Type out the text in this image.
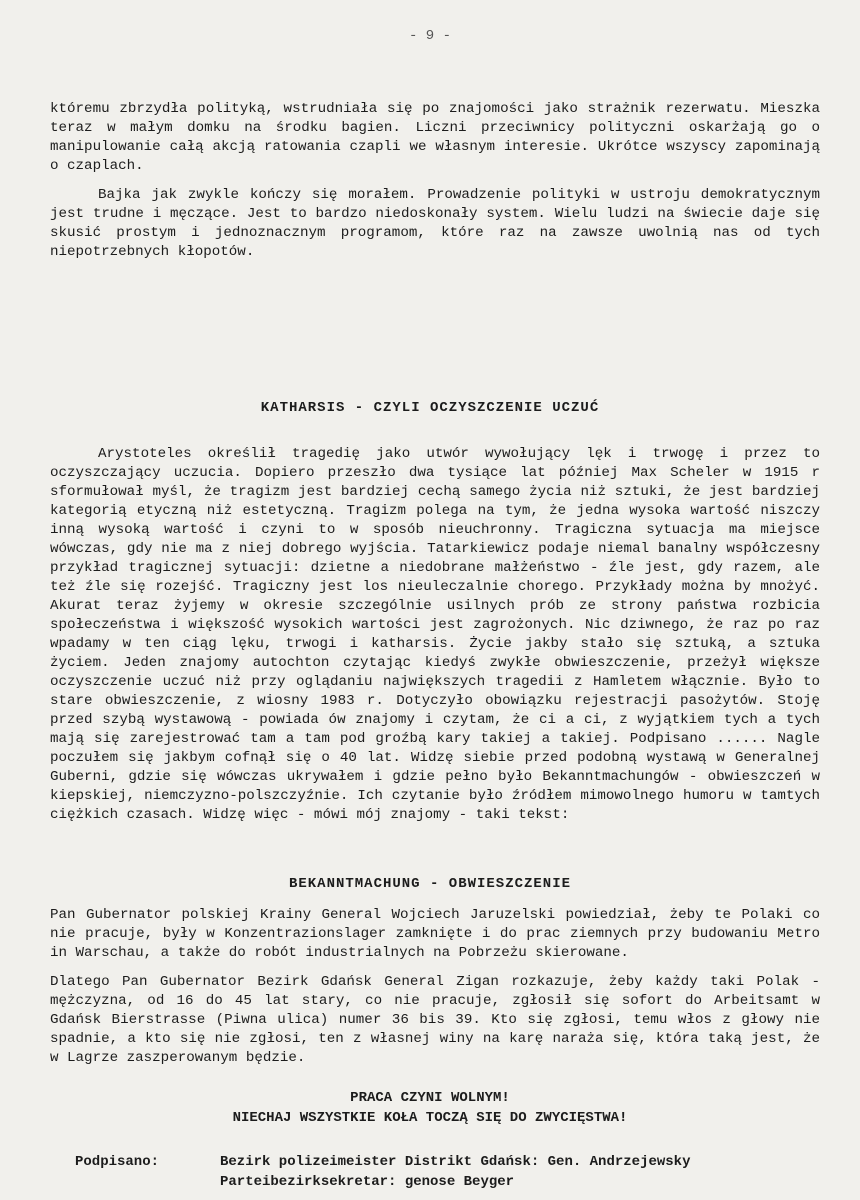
- 9 -

któremu zbrzydła polityką, wstrudniała się po znajomości jako strażnik rezerwatu. Mieszka teraz w małym domku na środku bagien. Liczni przeciwnicy polityczni oskarżają go o manipulowanie całą akcją ratowania czapli we własnym interesie. Ukrótce wszyscy zapominają o czaplach.

Bajka jak zwykle kończy się morałem. Prowadzenie polityki w ustroju demokratycznym jest trudne i męczące. Jest to bardzo niedoskonały system. Wielu ludzi na świecie daje się skusić prostym i jednoznacznym programom, które raz na zawsze uwolnią nas od tych niepotrzebnych kłopotów.

KATHARSIS - CZYLI OCZYSZCZENIE UCZUĆ

Arystoteles określił tragedię jako utwór wywołujący lęk i trwogę i przez to oczyszczający uczucia. Dopiero przeszło dwa tysiące lat później Max Scheler w 1915 r sformułował myśl, że tragizm jest bardziej cechą samego życia niż sztuki, że jest bardziej kategorią etyczną niż estetyczną. Tragizm polega na tym, że jedna wysoka wartość niszczy inną wysoką wartość i czyni to w sposób nieuchronny. Tragiczna sytuacja ma miejsce wówczas, gdy nie ma z niej dobrego wyjścia. Tatarkiewicz podaje niemal banalny współczesny przykład tragicznej sytuacji: dzietne a niedobrane małżeństwo - źle jest, gdy razem, ale też źle się rozejść. Tragiczny jest los nieuleczalnie chorego. Przykłady można by mnożyć. Akurat teraz żyjemy w okresie szczególnie usilnych prób ze strony państwa rozbicia społeczeństwa i większość wysokich wartości jest zagrożonych. Nic dziwnego, że raz po raz wpadamy w ten ciąg lęku, trwogi i katharsis. Życie jakby stało się sztuką, a sztuka życiem. Jeden znajomy autochton czytając kiedyś zwykłe obwieszczenie, przeżył większe oczyszczenie uczuć niż przy oglądaniu największych tragedii z Hamletem włącznie. Było to stare obwieszczenie, z wiosny 1983 r. Dotyczyło obowiązku rejestracji pasożytów. Stoję przed szybą wystawową - powiada ów znajomy i czytam, że ci a ci, z wyjątkiem tych a tych mają się zarejestrować tam a tam pod groźbą kary takiej a takiej. Podpisano ...... Nagle poczułem się jakbym cofnął się o 40 lat. Widzę siebie przed podobną wystawą w Generalnej Guberni, gdzie się wówczas ukrywałem i gdzie pełno było Bekanntmachungów - obwieszczeń w kiepskiej, niemczyzno-polszczyźnie. Ich czytanie było źródłem mimowolnego humoru w tamtych ciężkich czasach. Widzę więc - mówi mój znajomy - taki tekst:

BEKANNTMACHUNG - OBWIESZCZENIE

Pan Gubernator polskiej Krainy General Wojciech Jaruzelski powiedział, żeby te Polaki co nie pracuje, były w Konzentrazionslager zamknięte i do prac ziemnych przy budowaniu Metro in Warschau, a także do robót industrialnych na Pobrzeżu skierowane.

Dlatego Pan Gubernator Bezirk Gdańsk General Zigan rozkazuje, żeby każdy taki Polak - mężczyzna, od 16 do 45 lat stary, co nie pracuje, zgłosił się sofort do Arbeitsamt w Gdańsk Bierstrasse (Piwna ulica) numer 36 bis 39. Kto się zgłosi, temu włos z głowy nie spadnie, a kto się nie zgłosi, ten z własnej winy na karę naraża się, która taką jest, że w Lagrze zaszperowanym będzie.

PRACA CZYNI WOLNYM!
NIECHAJ WSZYSTKIE KOŁA TOCZĄ SIĘ DO ZWYCIĘSTWA!
Podpisano:	Bezirk polizeimeister Distrikt Gdańsk: Gen. Andrzejewsky
Parteibezirksekretar: genose Beyger
